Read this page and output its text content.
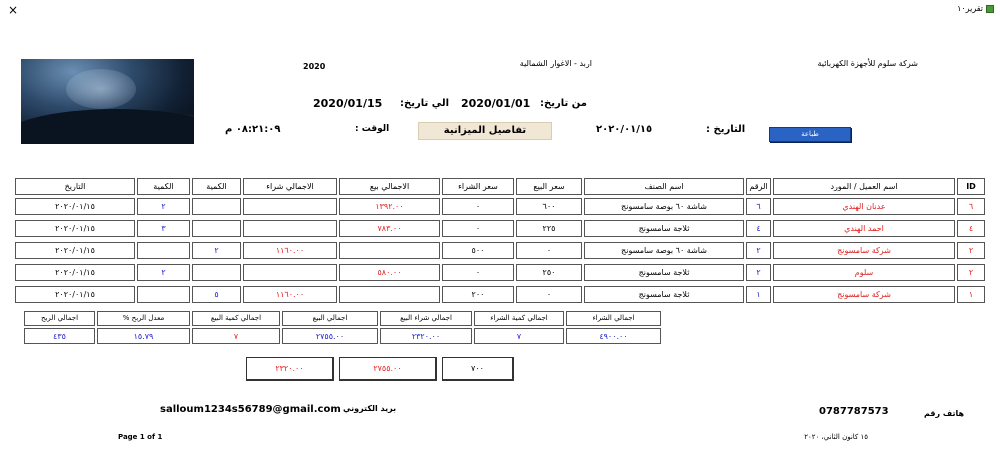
×	تقرير١٠
شركة سلوم للأجهزة الكهربائية
اربد - الاغوار الشمالية
2020
من تاريخ:
2020/01/01
الي تاريخ:
2020/01/15
طباعة
التاريخ :
٢٠٢٠/٠١/١٥
تفاصيل الميزانية
الوقت :
٠٨:٢١:٠٩ م
ID
اسم العميل / المورد
الرقم
اسم الصنف
سعر البيع
سعر الشراء
الاجمالي بيع
الاجمالي شراء
الكمية
الكمية
التاريخ
٦
عدنان الهندي
٦
شاشة ٦٠ بوصة سامسونج
٦٠٠
٠
١٣٩٢.٠٠
٢
٢٠٢٠/٠١/١٥
٤
احمد الهندي
٤
ثلاجة سامسونج
٢٢٥
٠
٧٨٣.٠٠
٣
٢٠٢٠/٠١/١٥
٢
شركة سامسونج
٢
شاشة ٦٠ بوصة سامسونج
٠
٥٠٠
١١٦٠.٠٠
٢
٢٠٢٠/٠١/١٥
٢
سلوم
٢
ثلاجة سامسونج
٢٥٠
٠
٥٨٠.٠٠
٢
٢٠٢٠/٠١/١٥
١
شركة سامسونج
١
ثلاجة سامسونج
٠
٢٠٠
١١٦٠.٠٠
٥
٢٠٢٠/٠١/١٥
اجمالي الشراء
اجمالي كمية الشراء
اجمالي شراء البيع
اجمالي البيع
اجمالي كمية البيع
معدل الربح %
اجمالي الربح
٤٩٠٠.٠٠
٧
٢٣٢٠.٠٠
٢٧٥٥.٠٠
٧
١٥.٧٩
٤٣٥
٧٠٠
٢٧٥٥.٠٠
٢٣٢٠.٠٠
هاتف رقم
0787787573
بريد الكتروني
salloum1234s56789@gmail.com
Page 1 of 1	١٥ كانون الثاني، ٢٠٢٠
